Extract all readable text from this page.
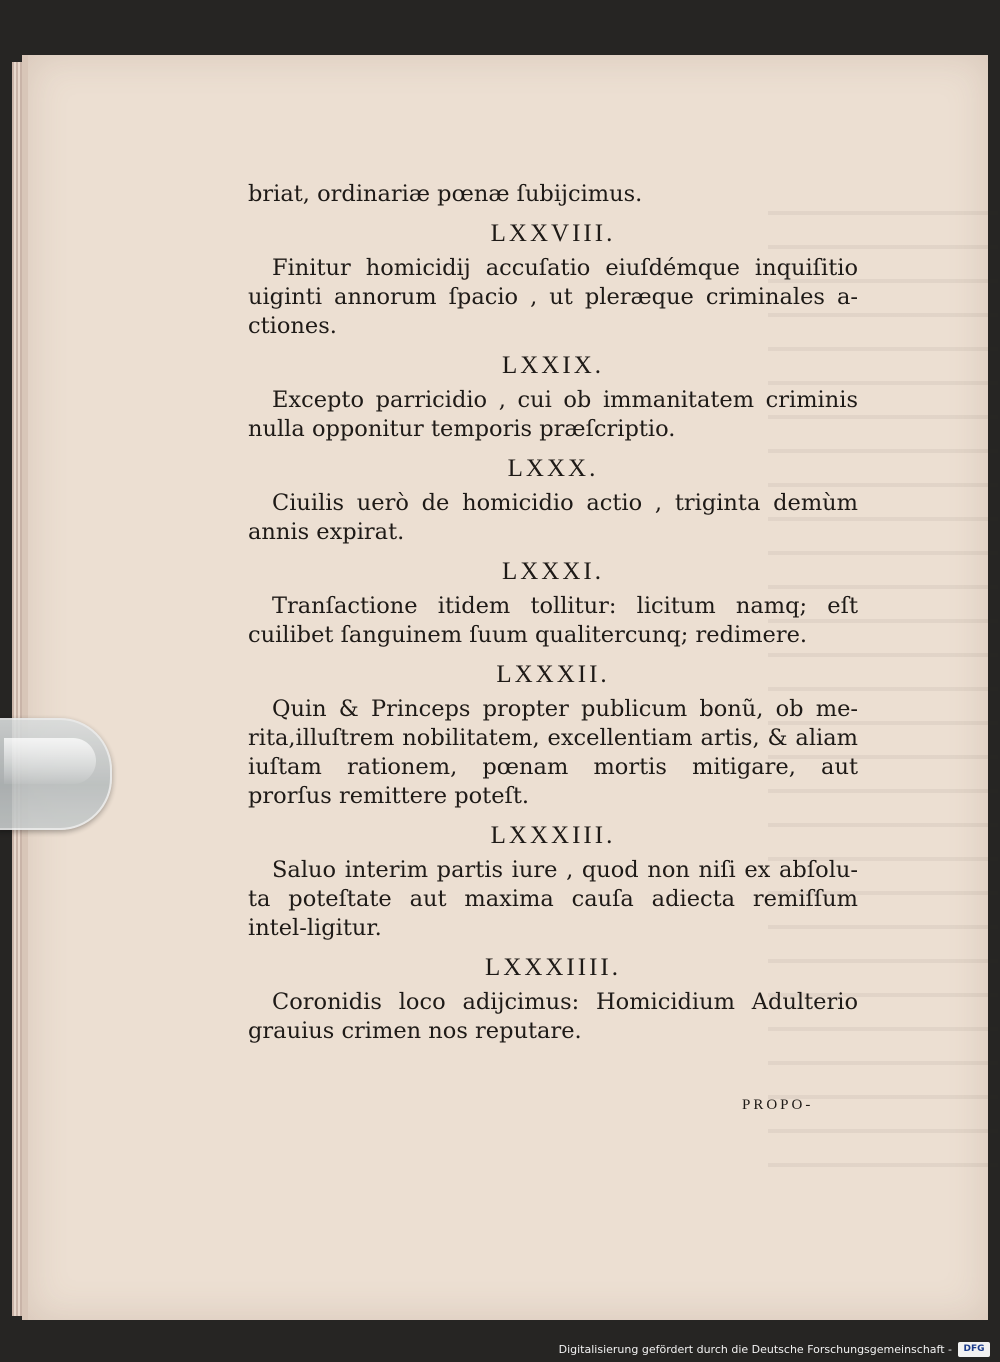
briat, ordinariæ pœnæ ſubijcimus.

LXXVIII.

Finitur homicidij accuſatio eiuſdémque inquiſitio uiginti annorum ſpacio , ut pleræque criminales a-ctiones.

LXXIX.

Excepto parricidio , cui ob immanitatem criminis nulla opponitur temporis præſcriptio.

LXXX.

Ciuilis uerò de homicidio actio , triginta demùm annis expirat.

LXXXI.

Tranſactione itidem tollitur: licitum namq; eſt cuilibet ſanguinem ſuum qualitercunq; redimere.

LXXXII.

Quin & Princeps propter publicum bonũ, ob me-rita,illuſtrem nobilitatem, excellentiam artis, & aliam iuſtam rationem, pœnam mortis mitigare, aut prorſus remittere poteſt.

LXXXIII.

Saluo interim partis iure , quod non niſi ex abſolu-ta poteſtate aut maxima cauſa adiecta remiſſum intel-ligitur.

LXXXIIII.

Coronidis loco adijcimus: Homicidium Adulterio grauius crimen nos reputare.

PROPO-
Digitalisierung gefördert durch die Deutsche Forschungsgemeinschaft -	DFG
